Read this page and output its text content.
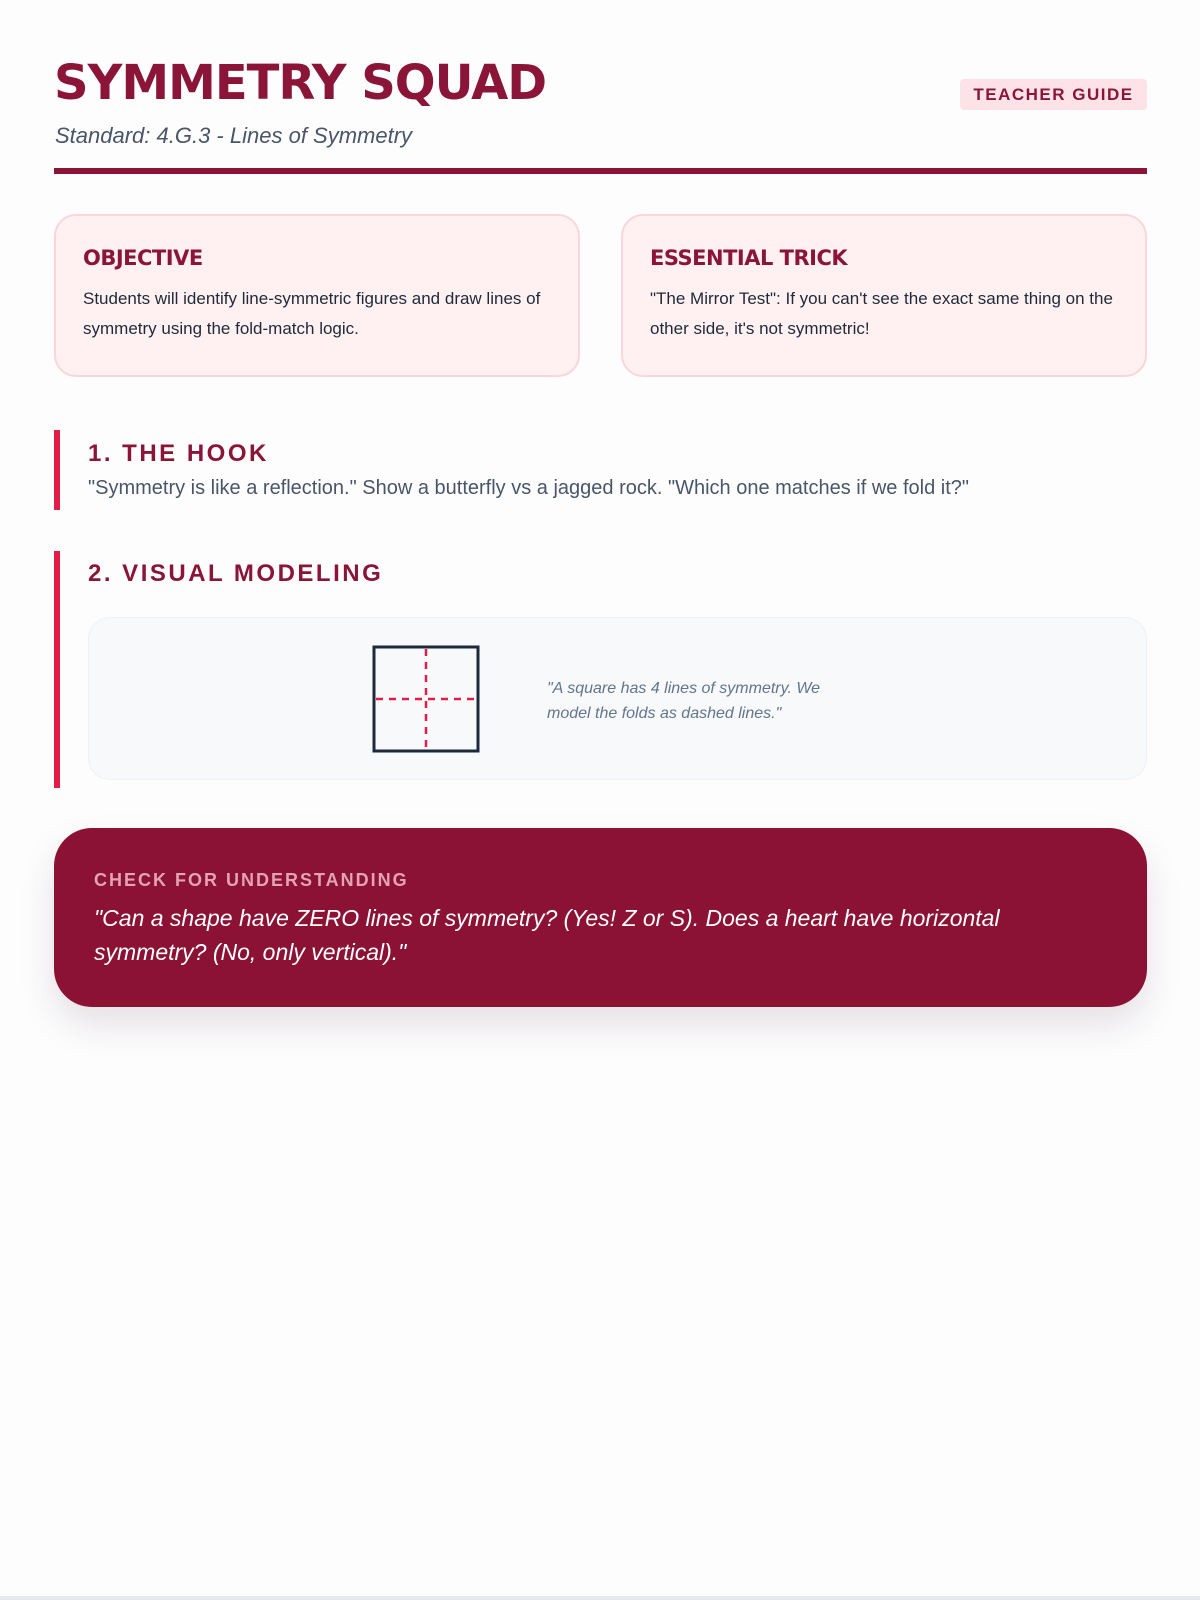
SYMMETRY SQUAD
Standard: 4.G.3 - Lines of Symmetry
TEACHER GUIDE
OBJECTIVE

Students will identify line-symmetric figures and draw lines of symmetry using the fold-match logic.

ESSENTIAL TRICK

"The Mirror Test": If you can't see the exact same thing on the other side, it's not symmetric!

1. THE HOOK

"Symmetry is like a reflection." Show a butterfly vs a jagged rock. "Which one matches if we fold it?"

2. VISUAL MODELING

"A square has 4 lines of symmetry. We model the folds as dashed lines."

CHECK FOR UNDERSTANDING

"Can a shape have ZERO lines of symmetry? (Yes! Z or S). Does a heart have horizontal symmetry? (No, only vertical)."
